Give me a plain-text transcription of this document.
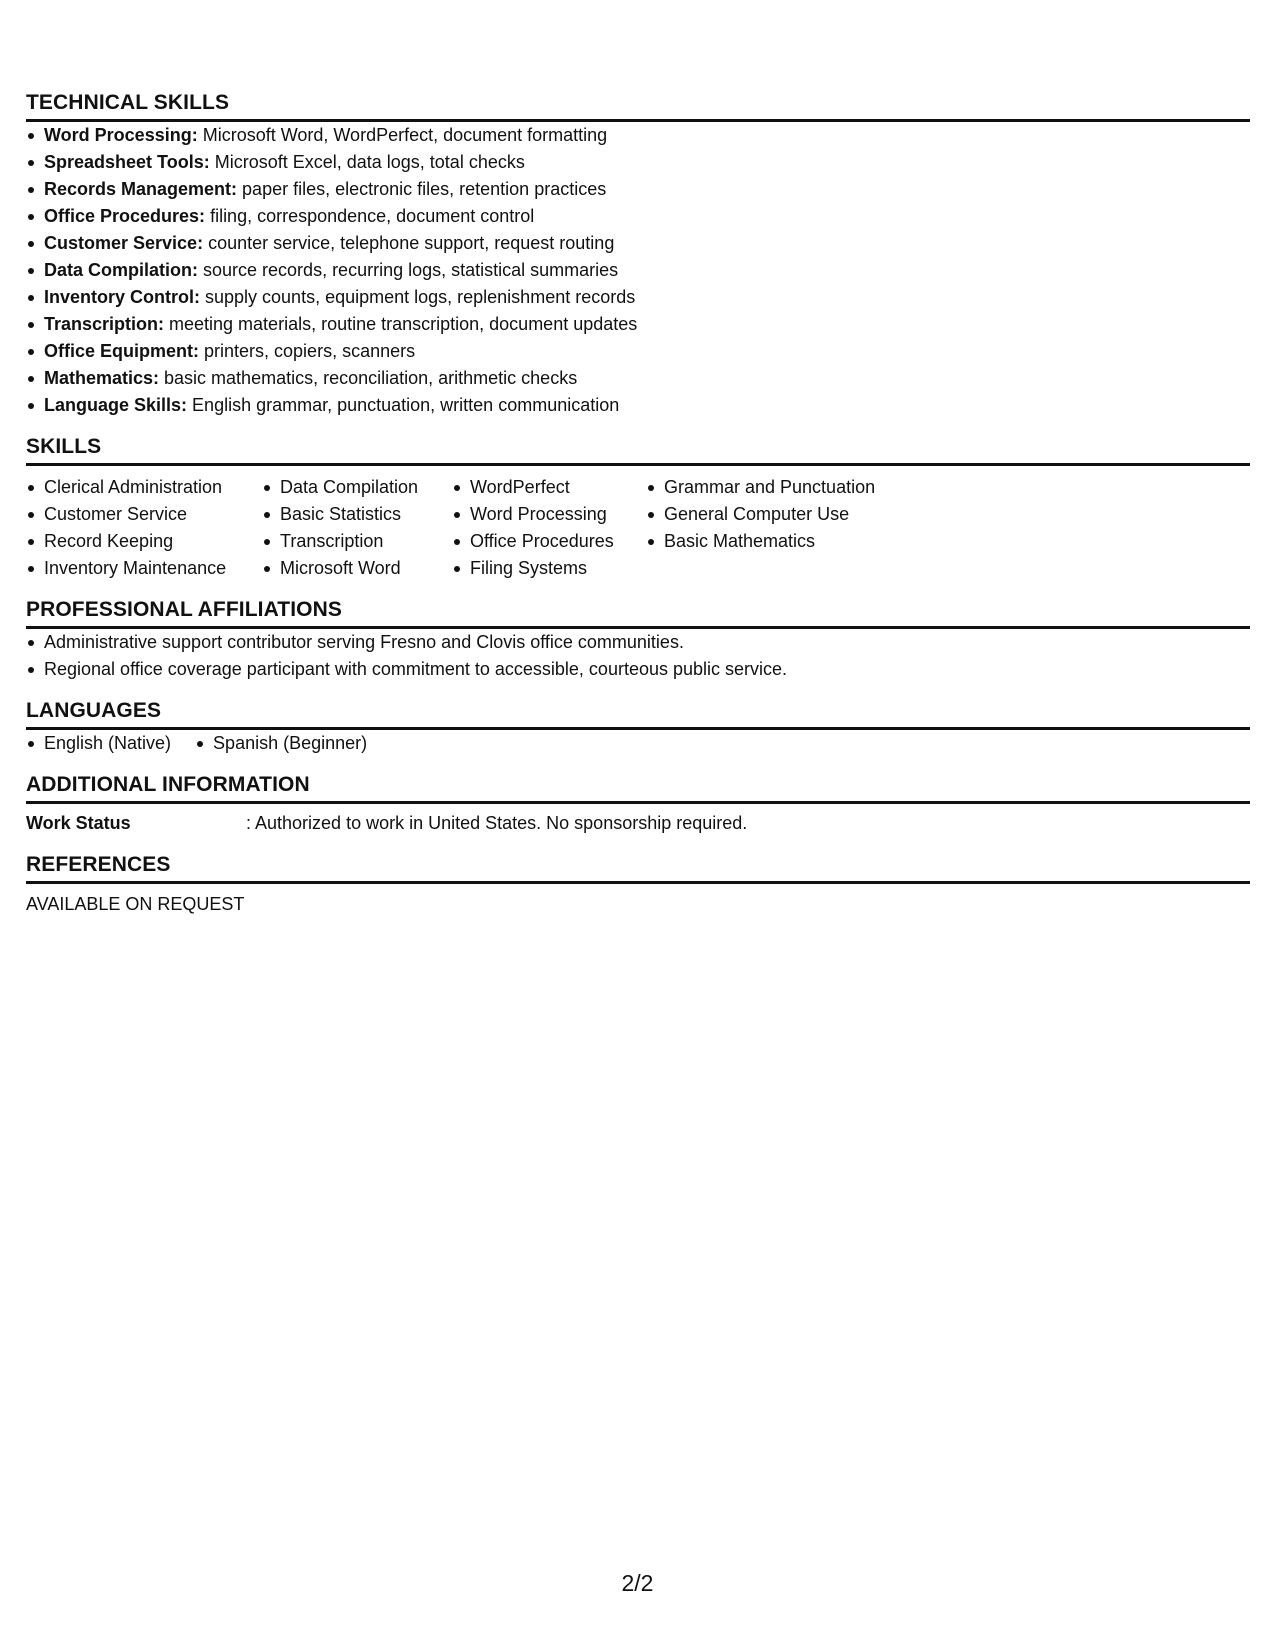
TECHNICAL SKILLS
Word Processing: Microsoft Word, WordPerfect, document formatting
Spreadsheet Tools: Microsoft Excel, data logs, total checks
Records Management: paper files, electronic files, retention practices
Office Procedures: filing, correspondence, document control
Customer Service: counter service, telephone support, request routing
Data Compilation: source records, recurring logs, statistical summaries
Inventory Control: supply counts, equipment logs, replenishment records
Transcription: meeting materials, routine transcription, document updates
Office Equipment: printers, copiers, scanners
Mathematics: basic mathematics, reconciliation, arithmetic checks
Language Skills: English grammar, punctuation, written communication
SKILLS
Clerical Administration
Customer Service
Record Keeping
Inventory Maintenance
Data Compilation
Basic Statistics
Transcription
Microsoft Word
WordPerfect
Word Processing
Office Procedures
Filing Systems
Grammar and Punctuation
General Computer Use
Basic Mathematics
PROFESSIONAL AFFILIATIONS
Administrative support contributor serving Fresno and Clovis office communities.
Regional office coverage participant with commitment to accessible, courteous public service.
LANGUAGES
English (Native)	Spanish (Beginner)
ADDITIONAL INFORMATION
Work Status	: Authorized to work in United States. No sponsorship required.
REFERENCES
AVAILABLE ON REQUEST
2/2
